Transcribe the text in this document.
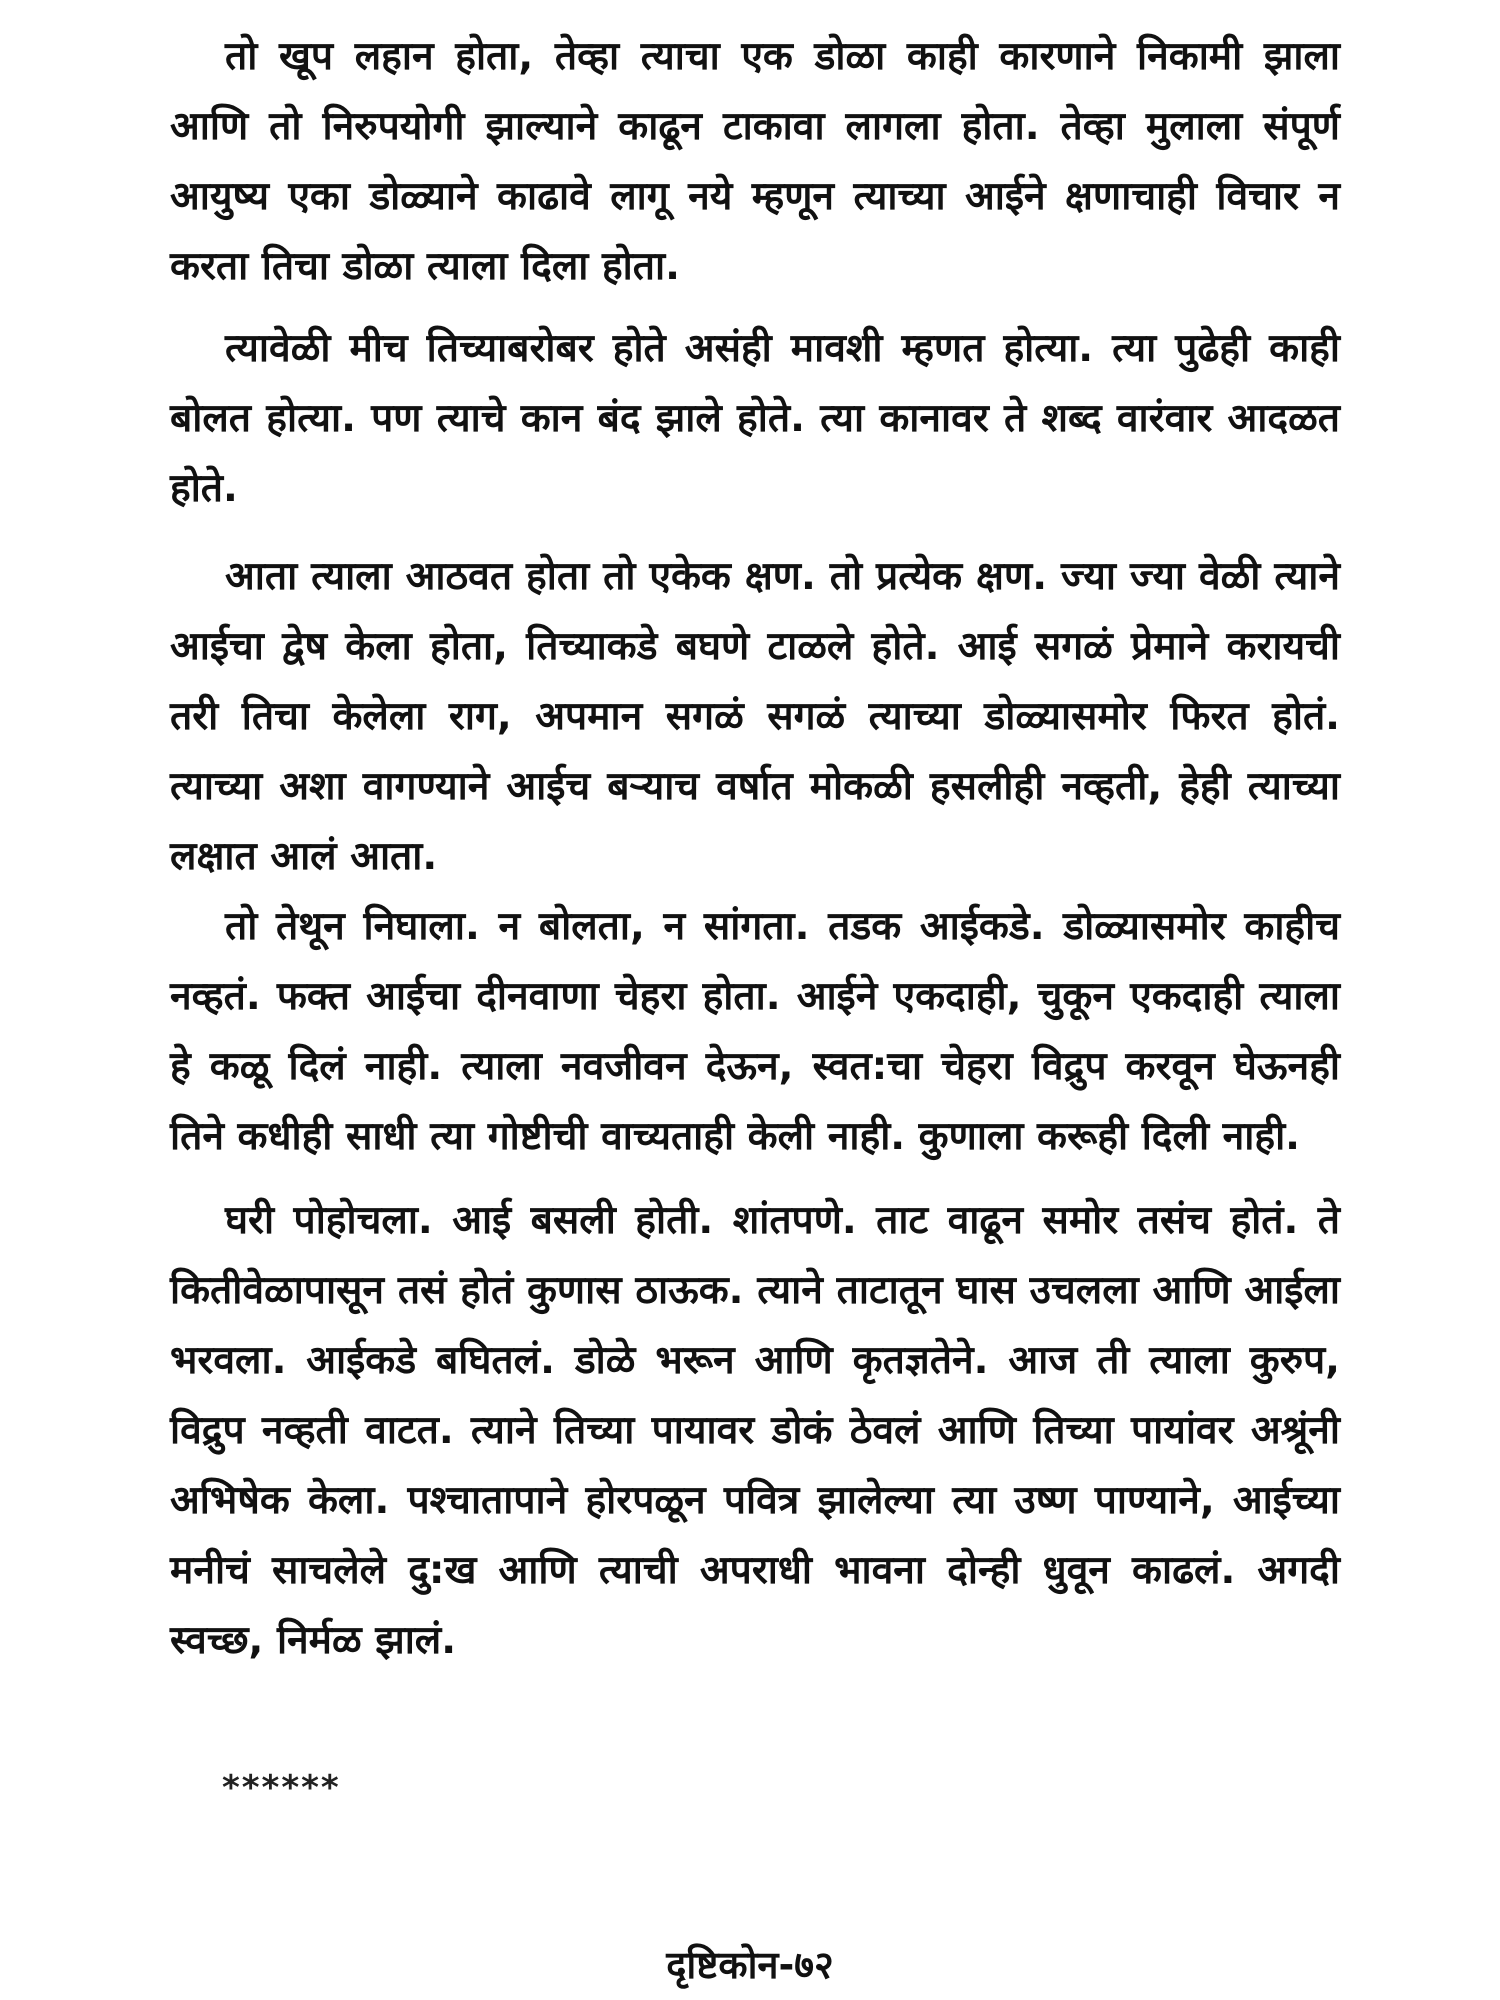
तो खूप लहान होता, तेव्हा त्याचा एक डोळा काही कारणाने निकामी झाला आणि तो निरुपयोगी झाल्याने काढून टाकावा लागला होता. तेव्हा मुलाला संपूर्ण आयुष्य एका डोळ्याने काढावे लागू नये म्हणून त्याच्या आईने क्षणाचाही विचार न करता तिचा डोळा त्याला दिला होता.

त्यावेळी मीच तिच्याबरोबर होते असंही मावशी म्हणत होत्या. त्या पुढेही काही बोलत होत्या. पण त्याचे कान बंद झाले होते. त्या कानावर ते शब्द वारंवार आदळत होते.

आता त्याला आठवत होता तो एकेक क्षण. तो प्रत्येक क्षण. ज्या ज्या वेळी त्याने आईचा द्वेष केला होता, तिच्याकडे बघणे टाळले होते. आई सगळं प्रेमाने करायची तरी तिचा केलेला राग, अपमान सगळं सगळं त्याच्या डोळ्यासमोर फिरत होतं. त्याच्या अशा वागण्याने आईच बऱ्याच वर्षात मोकळी हसलीही नव्हती, हेही त्याच्या लक्षात आलं आता.

तो तेथून निघाला. न बोलता, न सांगता. तडक आईकडे. डोळ्यासमोर काहीच नव्हतं. फक्त आईचा दीनवाणा चेहरा होता. आईने एकदाही, चुकून एकदाही त्याला हे कळू दिलं नाही. त्याला नवजीवन देऊन, स्वत:चा चेहरा विद्रुप करवून घेऊनही तिने कधीही साधी त्या गोष्टीची वाच्यताही केली नाही. कुणाला करूही दिली नाही.

घरी पोहोचला. आई बसली होती. शांतपणे. ताट वाढून समोर तसंच होतं. ते कितीवेळापासून तसं होतं कुणास ठाऊक. त्याने ताटातून घास उचलला आणि आईला भरवला. आईकडे बघितलं. डोळे भरून आणि कृतज्ञतेने. आज ती त्याला कुरुप, विद्रुप नव्हती वाटत. त्याने तिच्या पायावर डोकं ठेवलं आणि तिच्या पायांवर अश्रूंनी अभिषेक केला. पश्चातापाने होरपळून पवित्र झालेल्या त्या उष्ण पाण्याने, आईच्या मनीचं साचलेले दु:ख आणि त्याची अपराधी भावना दोन्ही धुवून काढलं. अगदी स्वच्छ, निर्मळ झालं.

******
दृष्टिकोन-७२
